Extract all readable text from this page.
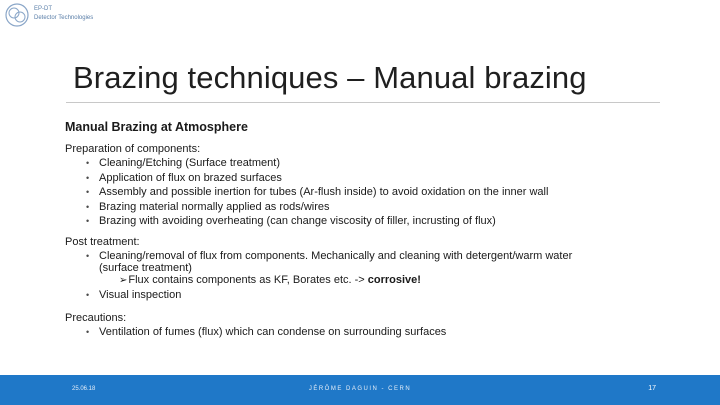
EP-DT
Detector Technologies
Brazing techniques – Manual brazing
Manual Brazing at Atmosphere
Preparation of components:
• Cleaning/Etching (Surface treatment)
• Application of flux on brazed surfaces
• Assembly and possible inertion for tubes (Ar-flush inside) to avoid oxidation on the inner wall
• Brazing material normally applied as rods/wires
• Brazing with avoiding overheating (can change viscosity of filler, incrusting of flux)
Post treatment:
• Cleaning/removal of flux from components. Mechanically and cleaning with detergent/warm water
(surface treatment)
➢Flux contains components as KF, Borates etc. -> corrosive!
• Visual inspection
Precautions:
• Ventilation of fumes (flux) which can condense on surrounding surfaces
25.06.18	JÉRÔME DAGUIN - CERN	17
